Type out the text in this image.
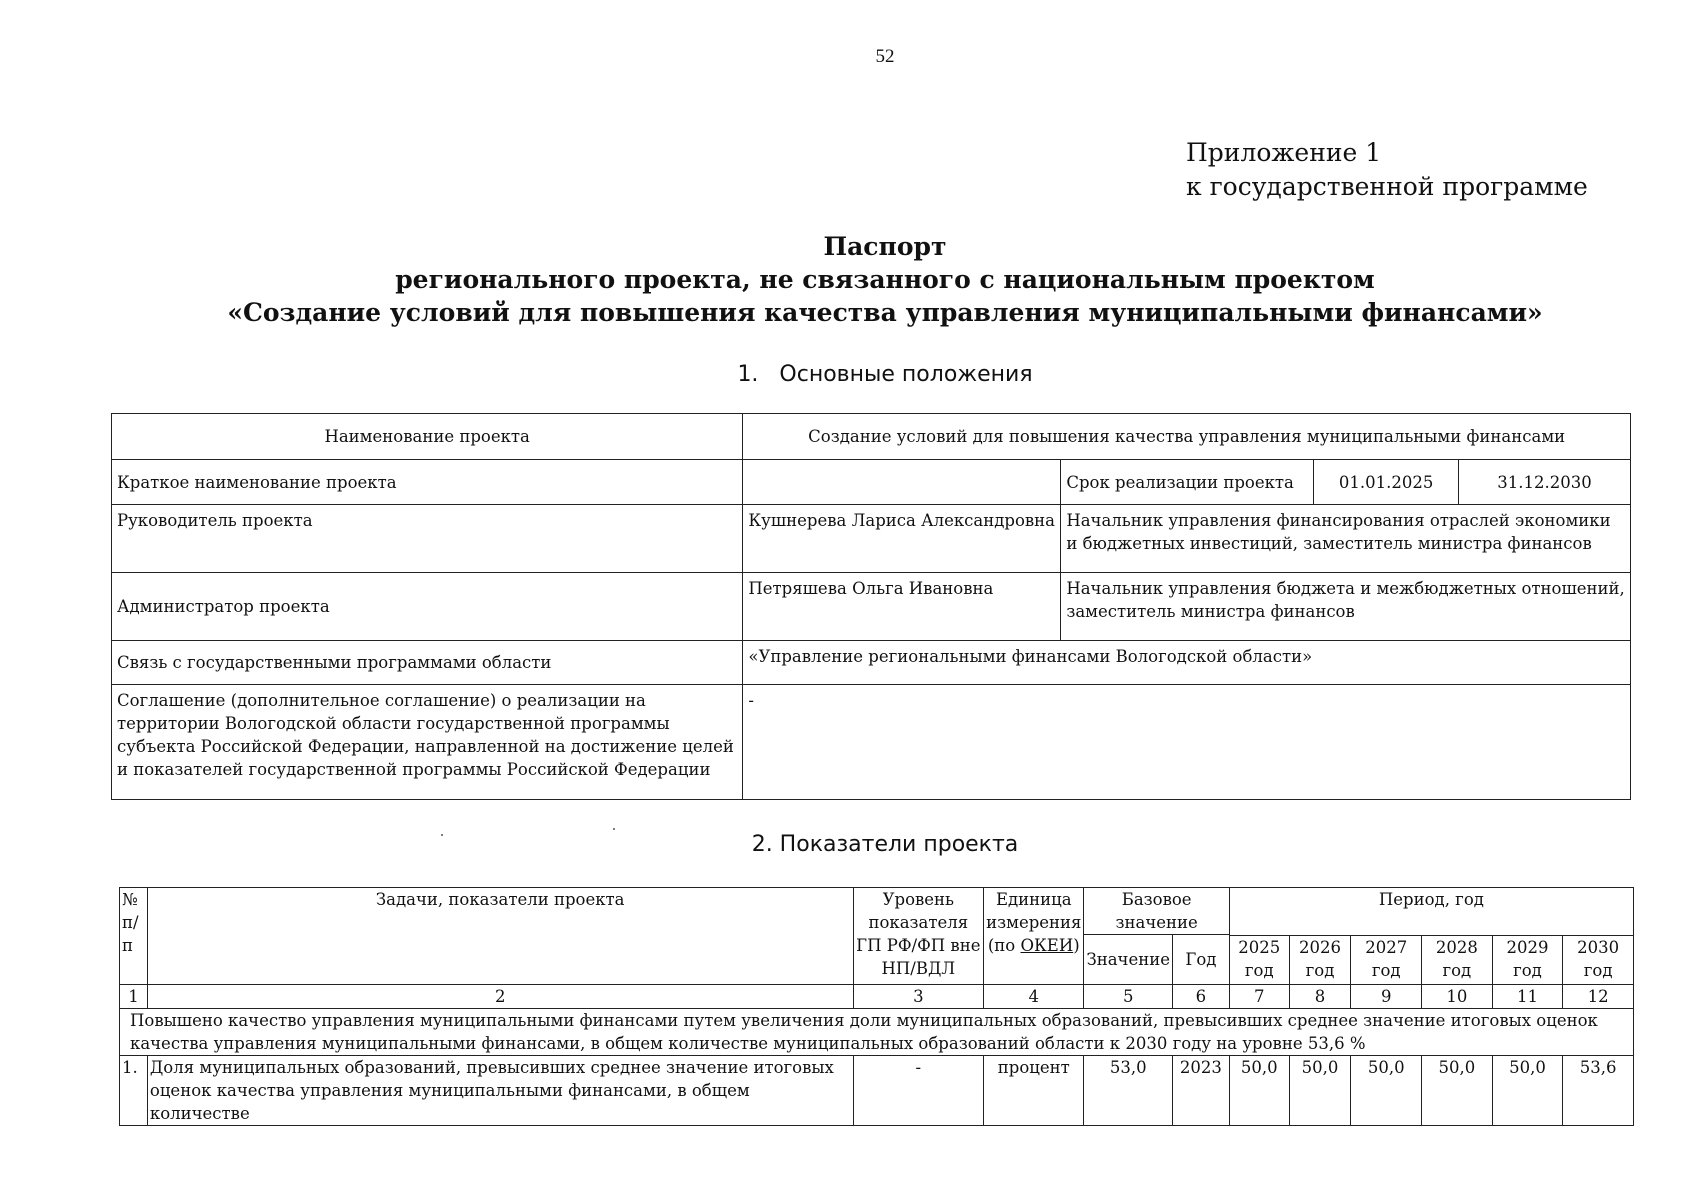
52
Приложение 1
к государственной программе
Паспорт
регионального проекта, не связанного с национальным проектом
«Создание условий для повышения качества управления муниципальными финансами»
1.   Основные положения
Наименование проекта	Создание условий для повышения качества управления муниципальными финансами			
Краткое наименование проекта		Срок реализации проекта	01.01.2025	31.12.2030
Руководитель проекта	Кушнерева Лариса Александровна	Начальник управления финансирования отраслей экономики и бюджетных инвестиций, заместитель министра финансов		
Администратор проекта	Петряшева Ольга Ивановна	Начальник управления бюджета и межбюджетных отношений, заместитель министра финансов		
Связь с государственными программами области	«Управление региональными финансами Вологодской области»			
Соглашение (дополнительное соглашение) о реализации на территории Вологодской области государственной программы субъекта Российской Федерации, направленной на достижение целей и показателей государственной программы Российской Федерации	-			
2. Показатели проекта
№ п/п	Задачи, показатели проекта	Уровень показателя ГП РФ/ФП вне НП/ВДЛ	Единица измерения (по ОКЕИ)	Базовое значение		Период, год					
				Значение	Год						
						2025 год	2026 год	2027 год	2028 год	2029 год	2030 год
1	2	3	4	5	6	7	8	9	10	11	12
Повышено качество управления муниципальными финансами путем увеличения доли муниципальных образований, превысивших среднее значение итоговых оценок качества управления муниципальными финансами, в общем количестве муниципальных образований области к 2030 году на уровне 53,6 %											
1.	Доля муниципальных образований, превысивших среднее значение итоговых оценок качества управления муниципальными финансами, в общем количестве	-	процент	53,0	2023	50,0	50,0	50,0	50,0	50,0	53,6
